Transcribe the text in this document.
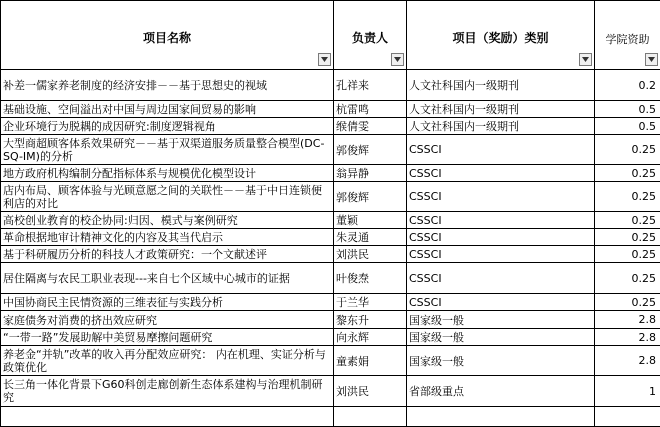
项目名称	负责人	项目（奖励）类别	学院资助

补差一儒家养老制度的经济安排－－基于思想史的视域	孔祥来	人文社科国内一级期刊	0.2
基础设施、空间溢出对中国与周边国家间贸易的影响	杭雷鸣	人文社科国内一级期刊	0.5
企业环境行为脱耦的成因研究:制度逻辑视角	缑倩雯	人文社科国内一级期刊	0.5
大型商超顾客体系效果研究－－基于双渠道服务质量整合模型(DC-SQ-IM)的分析	郭俊辉	CSSCI	0.25
地方政府机构编制分配指标体系与规模优化模型设计	翁异静	CSSCI	0.25
店内布局、顾客体验与光顾意愿之间的关联性－－基于中日连锁便利店的对比	郭俊辉	CSSCI	0.25
高校创业教育的校企协同:归因、模式与案例研究	董颖	CSSCI	0.25
革命根据地审计精神文化的内容及其当代启示	朱灵通	CSSCI	0.25
基于科研履历分析的科技人才政策研究：一个文献述评	刘洪民	CSSCI	0.25
居住隔离与农民工职业表现---来自七个区域中心城市的证据	叶俊焘	CSSCI	0.25
中国协商民主民情资源的三维表征与实践分析	于兰华	CSSCI	0.25
家庭债务对消费的挤出效应研究	黎东升	国家级一般	2.8
“一带一路”发展助解中美贸易摩擦问题研究	向永辉	国家级一般	2.8
养老金“并轨”改革的收入再分配效应研究： 内在机理、实证分析与政策优化	童素娟	国家级一般	2.8
长三角一体化背景下G60科创走廊创新生态体系建构与治理机制研究	刘洪民	省部级重点	1
